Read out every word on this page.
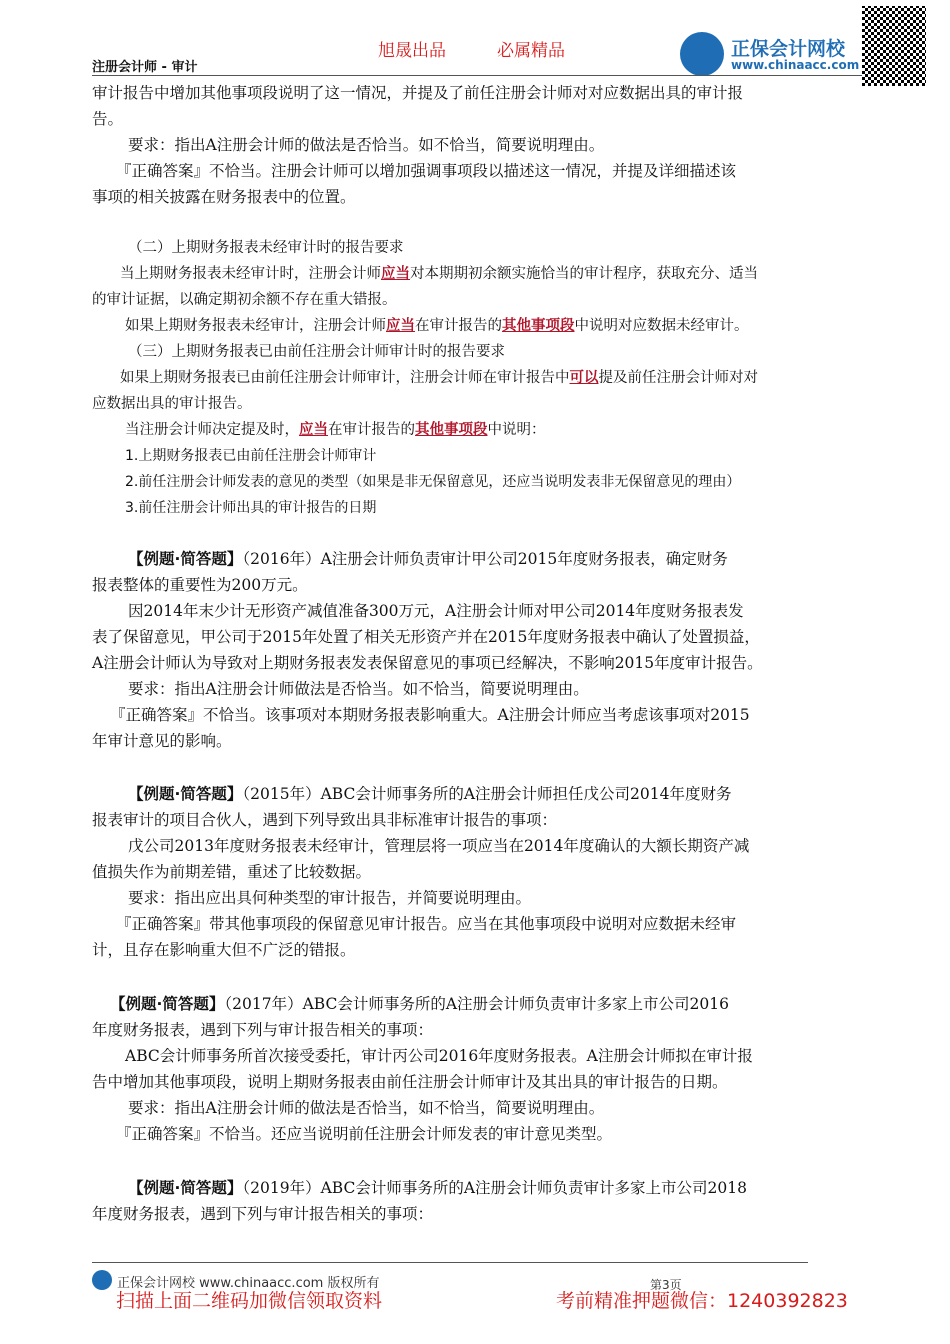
注册会计师 - 审计
旭晟出品	必属精品	正保会计网校
www.chinaacc.com
审计报告中增加其他事项段说明了这一情况，并提及了前任注册会计师对对应数据出具的审计报
告。
要求：指出A注册会计师的做法是否恰当。如不恰当，简要说明理由。
『正确答案』不恰当。注册会计师可以增加强调事项段以描述这一情况，并提及详细描述该
事项的相关披露在财务报表中的位置。
（二）上期财务报表未经审计时的报告要求
当上期财务报表未经审计时，注册会计师应当对本期期初余额实施恰当的审计程序，获取充分、适当
的审计证据，以确定期初余额不存在重大错报。
如果上期财务报表未经审计，注册会计师应当在审计报告的其他事项段中说明对应数据未经审计。
（三）上期财务报表已由前任注册会计师审计时的报告要求
如果上期财务报表已由前任注册会计师审计，注册会计师在审计报告中可以提及前任注册会计师对对
应数据出具的审计报告。
当注册会计师决定提及时，应当在审计报告的其他事项段中说明：
1.上期财务报表已由前任注册会计师审计
2.前任注册会计师发表的意见的类型（如果是非无保留意见，还应当说明发表非无保留意见的理由）
3.前任注册会计师出具的审计报告的日期
【例题·简答题】（2016年）A注册会计师负责审计甲公司2015年度财务报表，确定财务
报表整体的重要性为200万元。
因2014年末少计无形资产减值准备300万元，A注册会计师对甲公司2014年度财务报表发
表了保留意见，甲公司于2015年处置了相关无形资产并在2015年度财务报表中确认了处置损益，
A注册会计师认为导致对上期财务报表发表保留意见的事项已经解决，不影响2015年度审计报告。
要求：指出A注册会计师做法是否恰当。如不恰当，简要说明理由。
『正确答案』不恰当。该事项对本期财务报表影响重大。A注册会计师应当考虑该事项对2015
年审计意见的影响。
【例题·简答题】（2015年）ABC会计师事务所的A注册会计师担任戊公司2014年度财务
报表审计的项目合伙人，遇到下列导致出具非标准审计报告的事项：
戊公司2013年度财务报表未经审计，管理层将一项应当在2014年度确认的大额长期资产减
值损失作为前期差错，重述了比较数据。
要求：指出应出具何种类型的审计报告，并简要说明理由。
『正确答案』带其他事项段的保留意见审计报告。应当在其他事项段中说明对应数据未经审
计，且存在影响重大但不广泛的错报。
【例题·简答题】（2017年）ABC会计师事务所的A注册会计师负责审计多家上市公司2016
年度财务报表，遇到下列与审计报告相关的事项：
ABC会计师事务所首次接受委托，审计丙公司2016年度财务报表。A注册会计师拟在审计报
告中增加其他事项段，说明上期财务报表由前任注册会计师审计及其出具的审计报告的日期。
要求：指出A注册会计师的做法是否恰当，如不恰当，简要说明理由。
『正确答案』不恰当。还应当说明前任注册会计师发表的审计意见类型。
【例题·简答题】（2019年）ABC会计师事务所的A注册会计师负责审计多家上市公司2018
年度财务报表，遇到下列与审计报告相关的事项：
正保会计网校 www.chinaacc.com 版权所有	第3页
扫描上面二维码加微信领取资料	考前精准押题微信：1240392823
